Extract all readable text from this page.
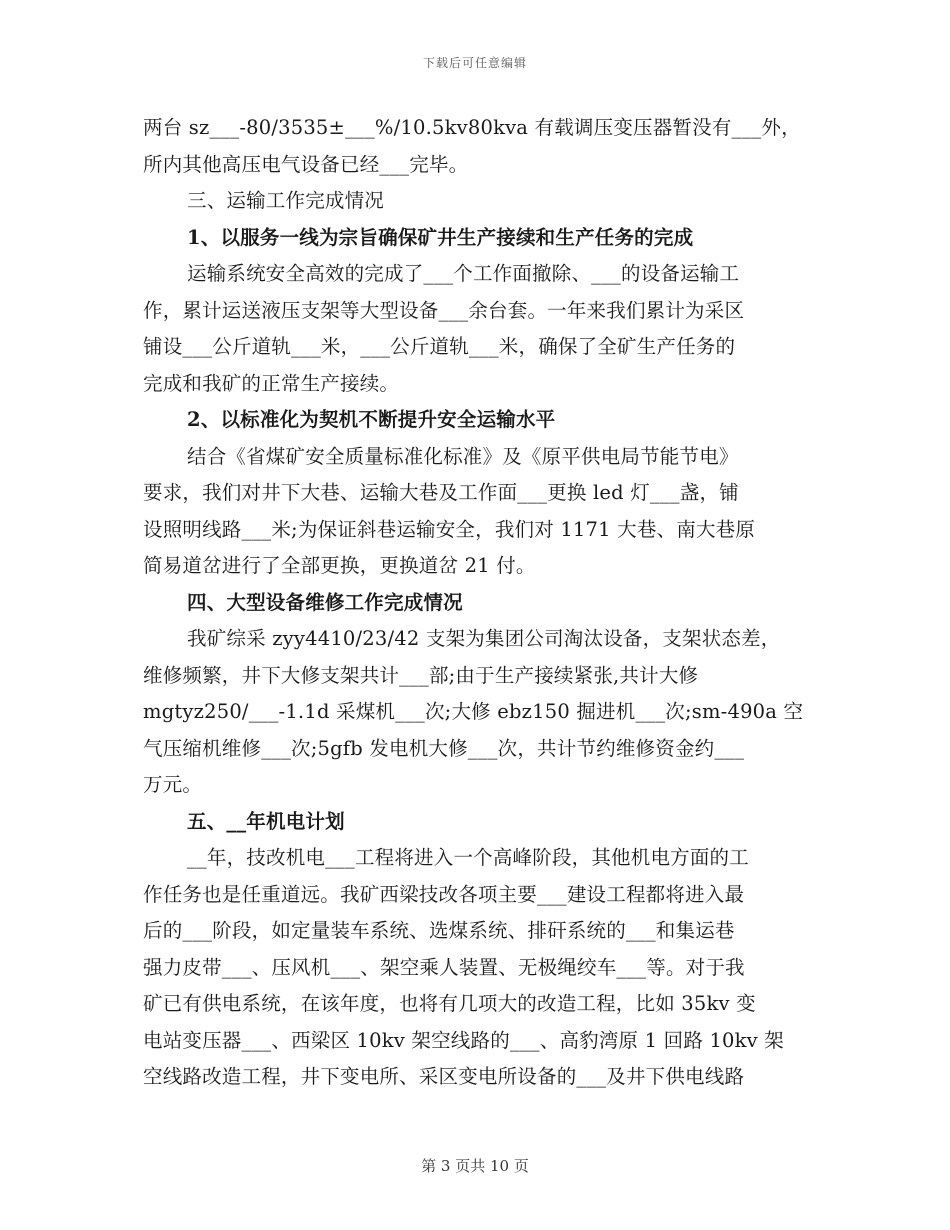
下载后可任意编辑
两台 sz___-80/3535±___%/10.5kv80kva 有载调压变压器暂没有___外，
所内其他高压电气设备已经___完毕。
三、运输工作完成情况
1、以服务一线为宗旨确保矿井生产接续和生产任务的完成
运输系统安全高效的完成了___个工作面撤除、___的设备运输工
作，累计运送液压支架等大型设备___余台套。一年来我们累计为采区
铺设___公斤道轨___米，___公斤道轨___米，确保了全矿生产任务的
完成和我矿的正常生产接续。
2、以标准化为契机不断提升安全运输水平
结合《省煤矿安全质量标准化标准》及《原平供电局节能节电》
要求，我们对井下大巷、运输大巷及工作面___更换 led 灯___盏，铺
设照明线路___米;为保证斜巷运输安全，我们对 1171 大巷、南大巷原
简易道岔进行了全部更换，更换道岔 21 付。
四、大型设备维修工作完成情况
我矿综采 zyy4410/23/42 支架为集团公司淘汰设备，支架状态差，
维修频繁，井下大修支架共计___部;由于生产接续紧张,共计大修
mgtyz250/___-1.1d 采煤机___次;大修 ebz150 掘进机___次;sm-490a 空
气压缩机维修___次;5gfb 发电机大修___次，共计节约维修资金约___
万元。
五、__年机电计划
__年，技改机电___工程将进入一个高峰阶段，其他机电方面的工
作任务也是任重道远。我矿西梁技改各项主要___建设工程都将进入最
后的___阶段，如定量装车系统、选煤系统、排矸系统的___和集运巷
强力皮带___、压风机___、架空乘人装置、无极绳绞车___等。对于我
矿已有供电系统，在该年度，也将有几项大的改造工程，比如 35kv 变
电站变压器___、西梁区 10kv 架空线路的___、高豹湾原 1 回路 10kv 架
空线路改造工程，井下变电所、采区变电所设备的___及井下供电线路
第 3 页共 10 页
